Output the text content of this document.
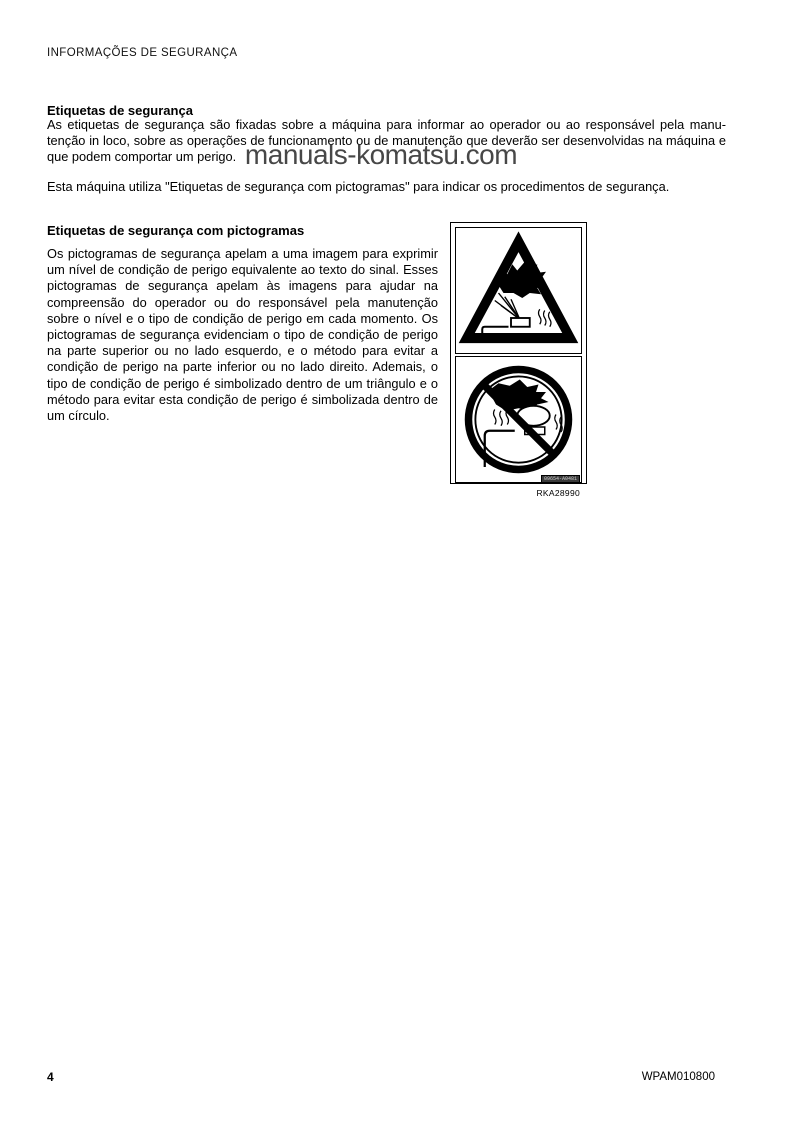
INFORMAÇÕES DE SEGURANÇA
manuals-komatsu.com
Etiquetas de segurança
As etiquetas de segurança são fixadas sobre a máquina para informar ao operador ou ao responsável pela manutenção in loco, sobre as operações de funcionamento ou de manutenção que deverão ser desenvolvidas na máquina e que podem comportar um perigo.
Esta máquina utiliza "Etiquetas de segurança com pictogramas" para indicar os procedimentos de segurança.
Etiquetas de segurança com pictogramas
Os pictogramas de segurança apelam a uma imagem para exprimir um nível de condição de perigo equivalente ao texto do sinal. Esses pictogramas de segurança apelam às imagens para ajudar na compreensão do operador ou do responsável pela manutenção sobre o nível e o tipo de condição de perigo em cada momento. Os pictogramas de segurança evidenciam o tipo de condição de perigo na parte superior ou no lado esquerdo, e o método para evitar a condição de perigo na parte inferior ou no lado direito. Ademais, o tipo de condição de perigo é simbolizado dentro de um triângulo e o método para evitar esta condição de perigo é simbolizada dentro de um círculo.
09654-A0481
RKA28990
4	WPAM010800
